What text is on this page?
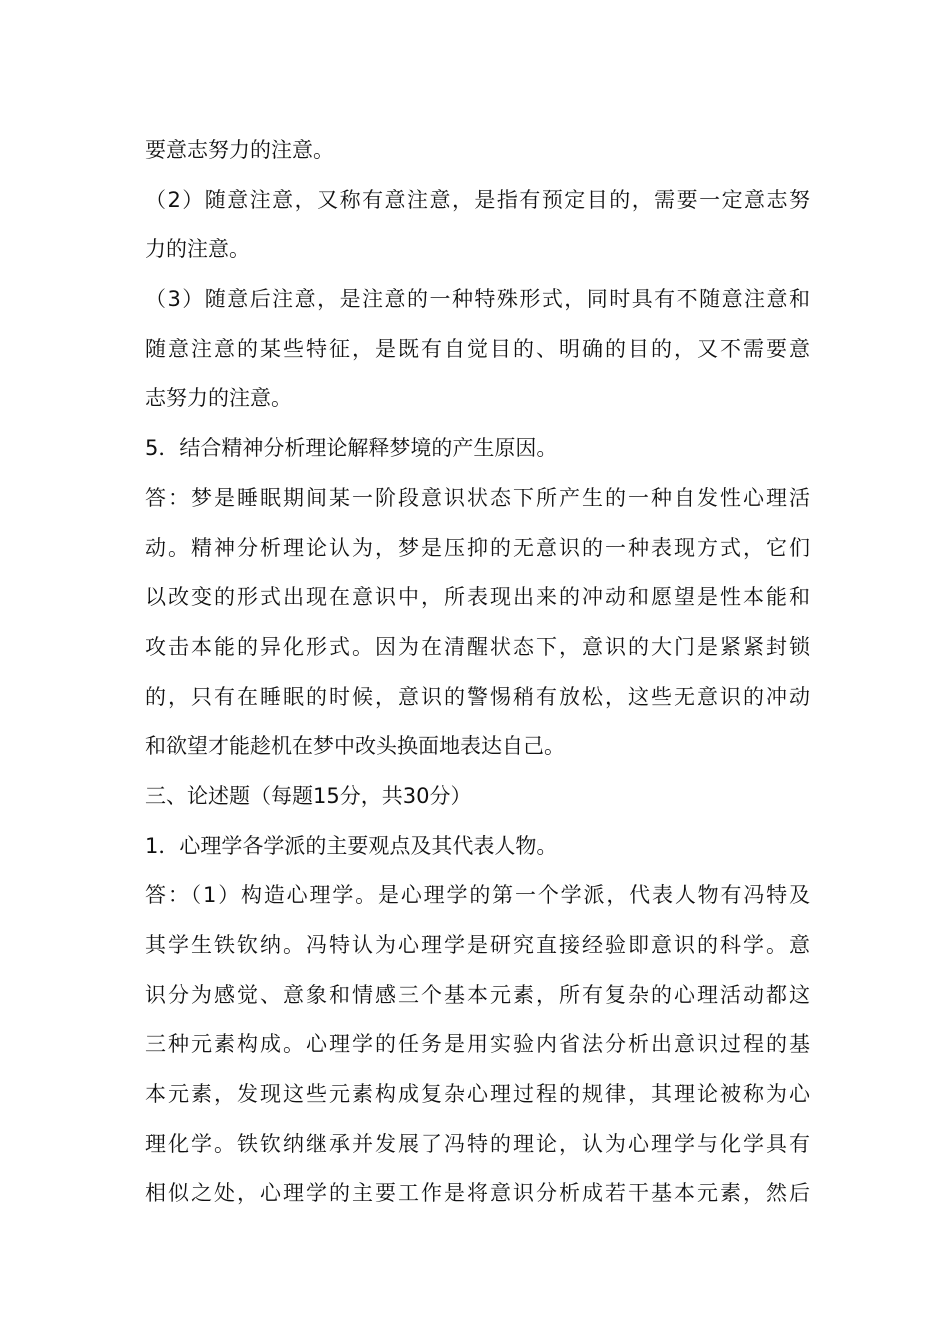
要意志努力的注意。
（2）随意注意，又称有意注意，是指有预定目的，需要一定意志努
力的注意。
（3）随意后注意，是注意的一种特殊形式，同时具有不随意注意和
随意注意的某些特征，是既有自觉目的、明确的目的，又不需要意
志努力的注意。
5．结合精神分析理论解释梦境的产生原因。
答：梦是睡眠期间某一阶段意识状态下所产生的一种自发性心理活
动。精神分析理论认为，梦是压抑的无意识的一种表现方式，它们
以改变的形式出现在意识中，所表现出来的冲动和愿望是性本能和
攻击本能的异化形式。因为在清醒状态下，意识的大门是紧紧封锁
的，只有在睡眠的时候，意识的警惕稍有放松，这些无意识的冲动
和欲望才能趁机在梦中改头换面地表达自己。
三、论述题（每题15分，共30分）
1．心理学各学派的主要观点及其代表人物。
答：（1）构造心理学。是心理学的第一个学派，代表人物有冯特及
其学生铁钦纳。冯特认为心理学是研究直接经验即意识的科学。意
识分为感觉、意象和情感三个基本元素，所有复杂的心理活动都这
三种元素构成。心理学的任务是用实验内省法分析出意识过程的基
本元素，发现这些元素构成复杂心理过程的规律，其理论被称为心
理化学。铁钦纳继承并发展了冯特的理论，认为心理学与化学具有
相似之处，心理学的主要工作是将意识分析成若干基本元素，然后
